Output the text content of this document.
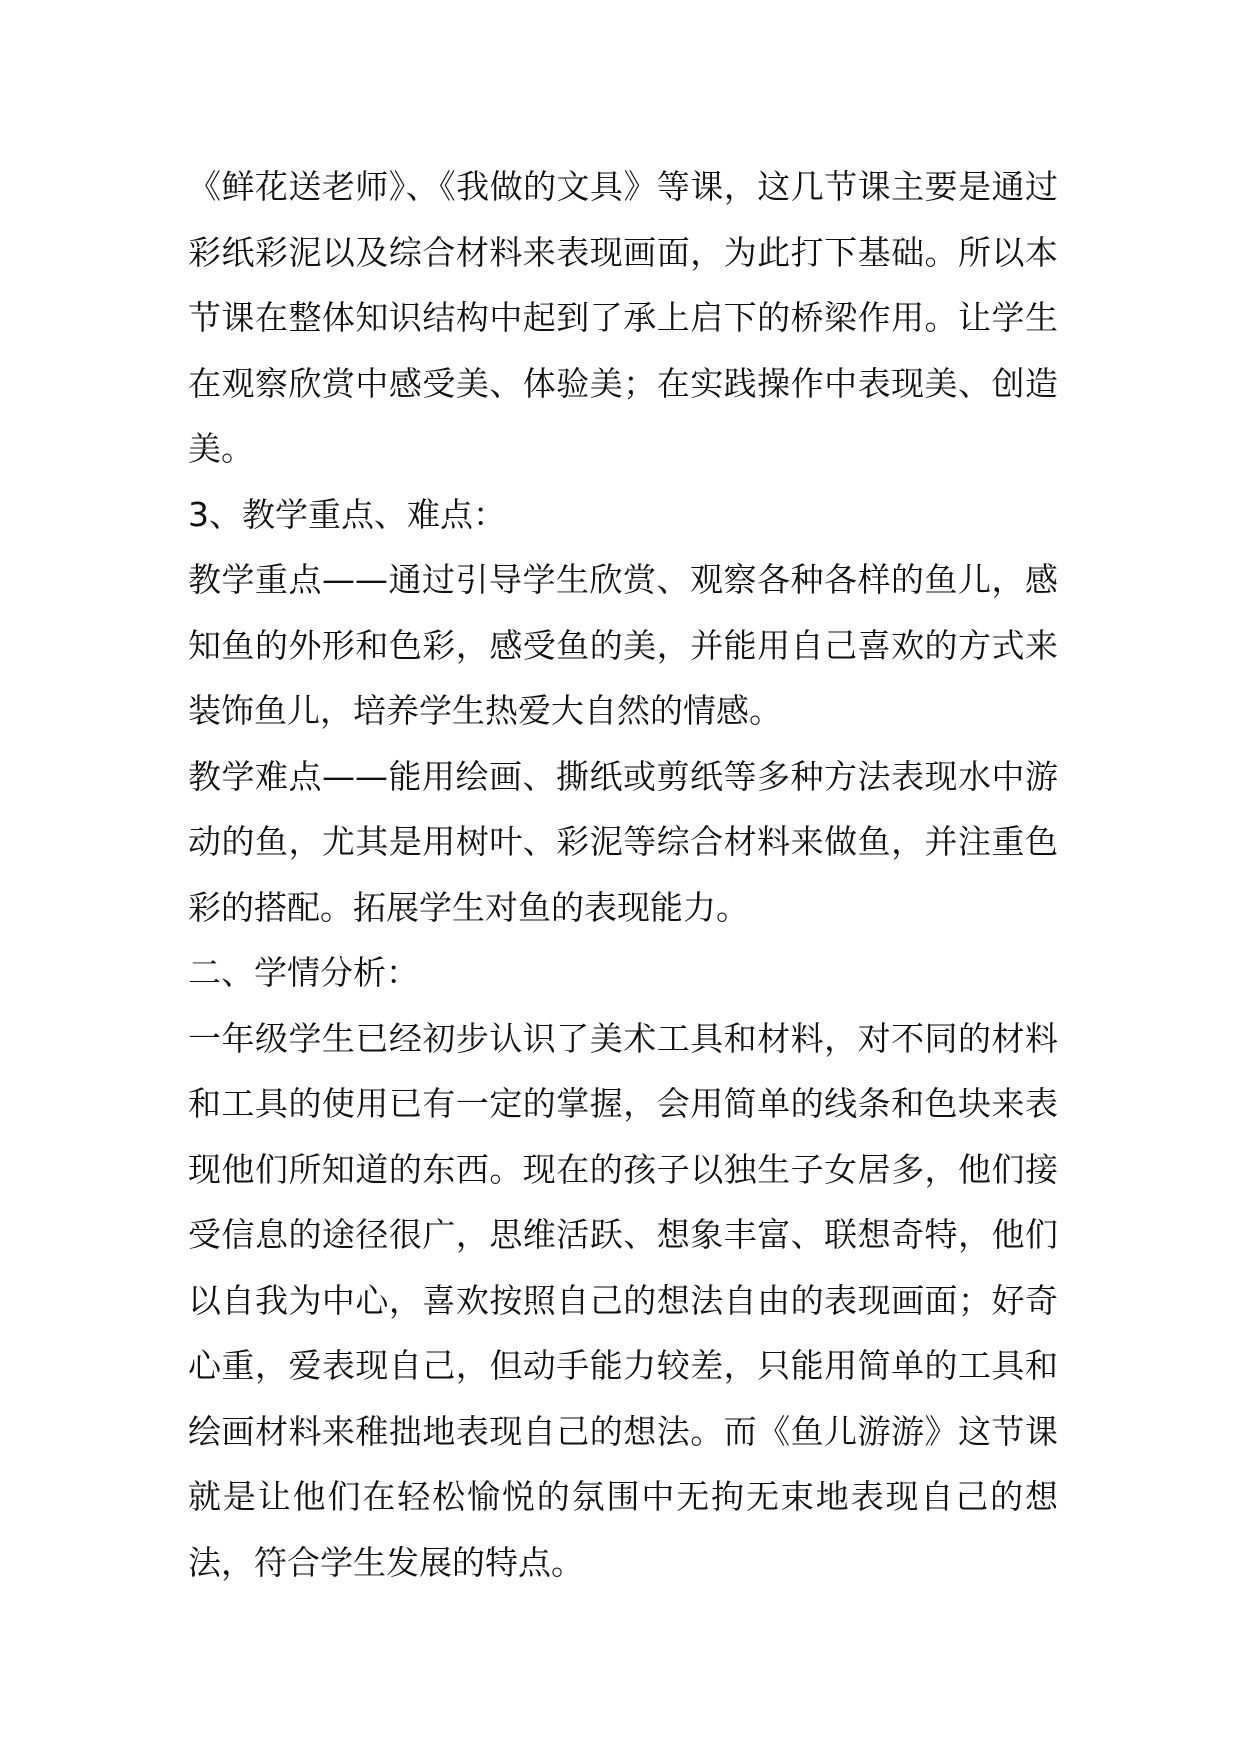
《鲜花送老师》、《我做的文具》等课，这几节课主要是通过彩纸彩泥以及综合材料来表现画面，为此打下基础。所以本节课在整体知识结构中起到了承上启下的桥梁作用。让学生在观察欣赏中感受美、体验美；在实践操作中表现美、创造美。

3、教学重点、难点：

教学重点——通过引导学生欣赏、观察各种各样的鱼儿，感知鱼的外形和色彩，感受鱼的美，并能用自己喜欢的方式来装饰鱼儿，培养学生热爱大自然的情感。

教学难点——能用绘画、撕纸或剪纸等多种方法表现水中游动的鱼，尤其是用树叶、彩泥等综合材料来做鱼，并注重色彩的搭配。拓展学生对鱼的表现能力。

二、学情分析：

一年级学生已经初步认识了美术工具和材料，对不同的材料和工具的使用已有一定的掌握，会用简单的线条和色块来表现他们所知道的东西。现在的孩子以独生子女居多，他们接受信息的途径很广，思维活跃、想象丰富、联想奇特，他们以自我为中心，喜欢按照自己的想法自由的表现画面；好奇心重，爱表现自己，但动手能力较差，只能用简单的工具和绘画材料来稚拙地表现自己的想法。而《鱼儿游游》这节课就是让他们在轻松愉悦的氛围中无拘无束地表现自己的想法，符合学生发展的特点。
